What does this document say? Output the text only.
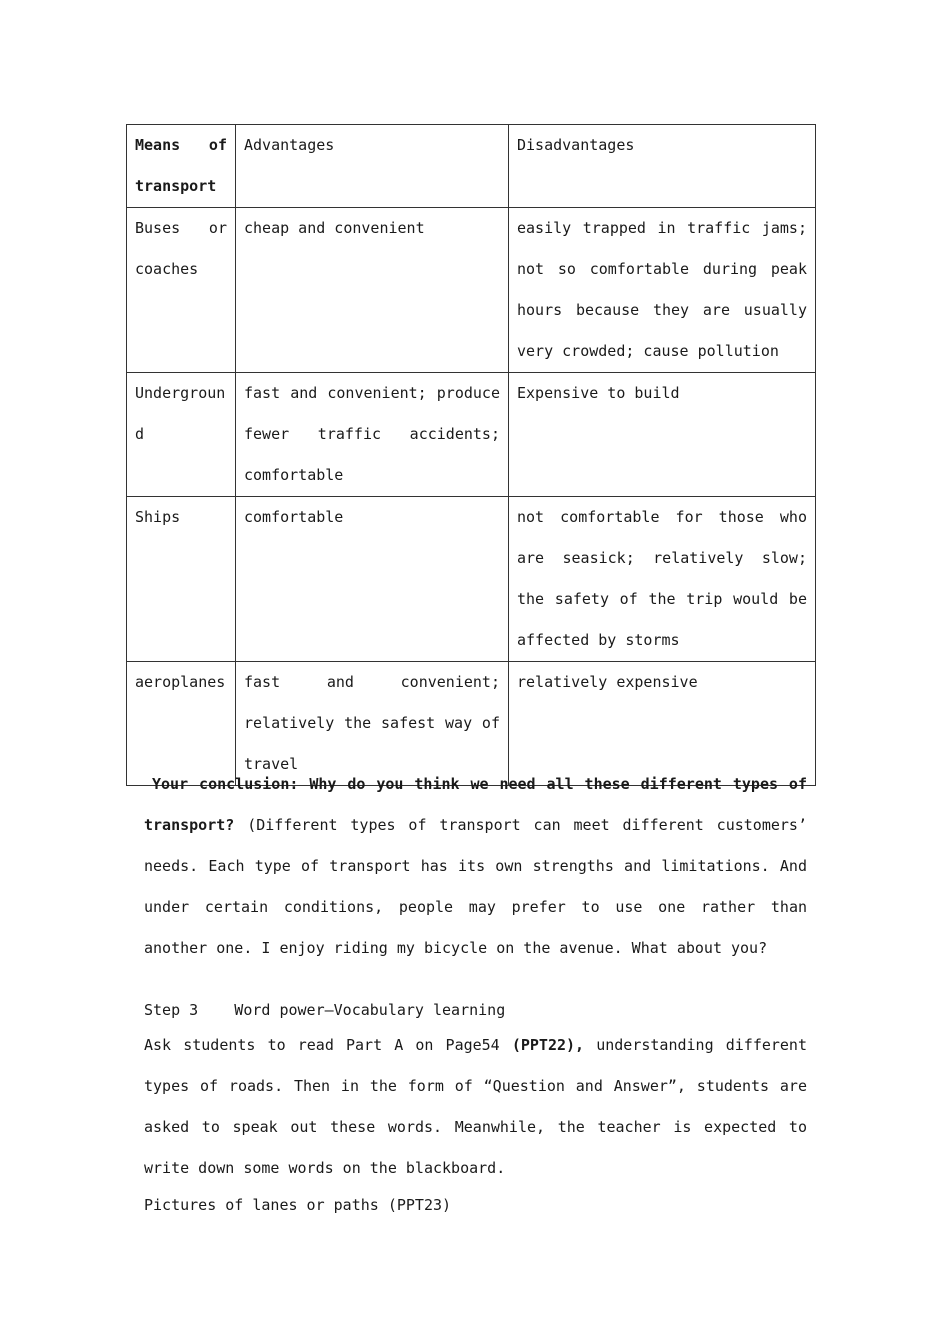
Means of transport	Advantages	Disadvantages
Buses or coaches	cheap and convenient	easily trapped in traffic jams; not so comfortable during peak hours because they are usually very crowded; cause pollution
Underground	fast and convenient; produce fewer traffic accidents; comfortable	Expensive to build
Ships	comfortable	not comfortable for those who are seasick; relatively slow; the safety of the trip would be affected by storms
aeroplanes	fast and convenient; relatively the safest way of travel	relatively expensive
Your conclusion: Why do you think we need all these different types of transport? (Different types of transport can meet different customers’ needs. Each type of transport has its own strengths and limitations. And under certain conditions, people may prefer to use one rather than another one. I enjoy riding my bicycle on the avenue. What about you?
Step 3    Word power—Vocabulary learning
Ask students to read Part A on Page54 (PPT22), understanding different types of roads. Then in the form of “Question and Answer”, students are asked to speak out these words. Meanwhile, the teacher is expected to write down some words on the blackboard.
Pictures of lanes or paths (PPT23)
